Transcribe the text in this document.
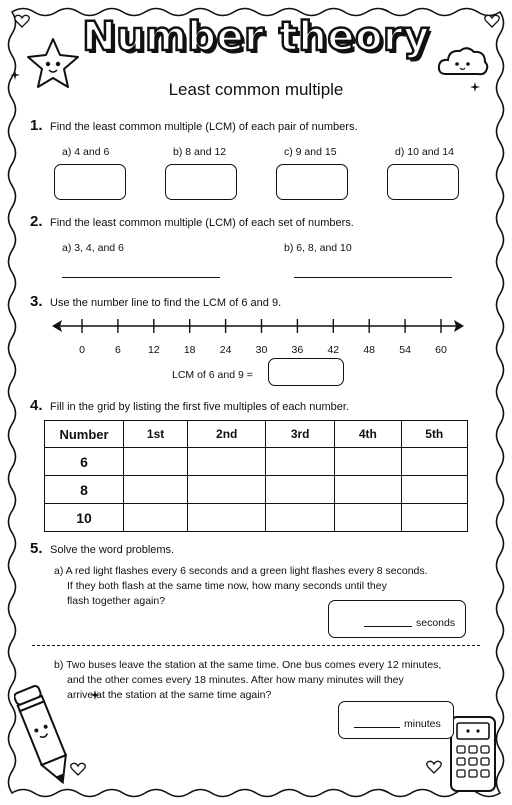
Number theory
Least common multiple
1. Find the least common multiple (LCM) of each pair of numbers.
a) 4 and 6	b) 8 and 12	c) 9 and 15	d) 10 and 14
2. Find the least common multiple (LCM) of each set of numbers.
a) 3, 4, and 6	b) 6, 8, and 10
3. Use the number line to find the LCM of 6 and 9.
0	6	12 18 24 30 36 42 48 54 60
LCM of 6 and 9 =
4. Fill in the grid by listing the first five multiples of each number.
Number	1st	2nd	3rd	4th	5th
6					
8					
10					
5. Solve the word problems.
a) A red light flashes every 6 seconds and a green light flashes every 8 seconds.
If they both flash at the same time now, how many seconds until they
flash together again?
seconds
b) Two buses leave the station at the same time. One bus comes every 12 minutes,
and the other comes every 18 minutes. After how many minutes will they
arrive at the station at the same time again?
minutes
